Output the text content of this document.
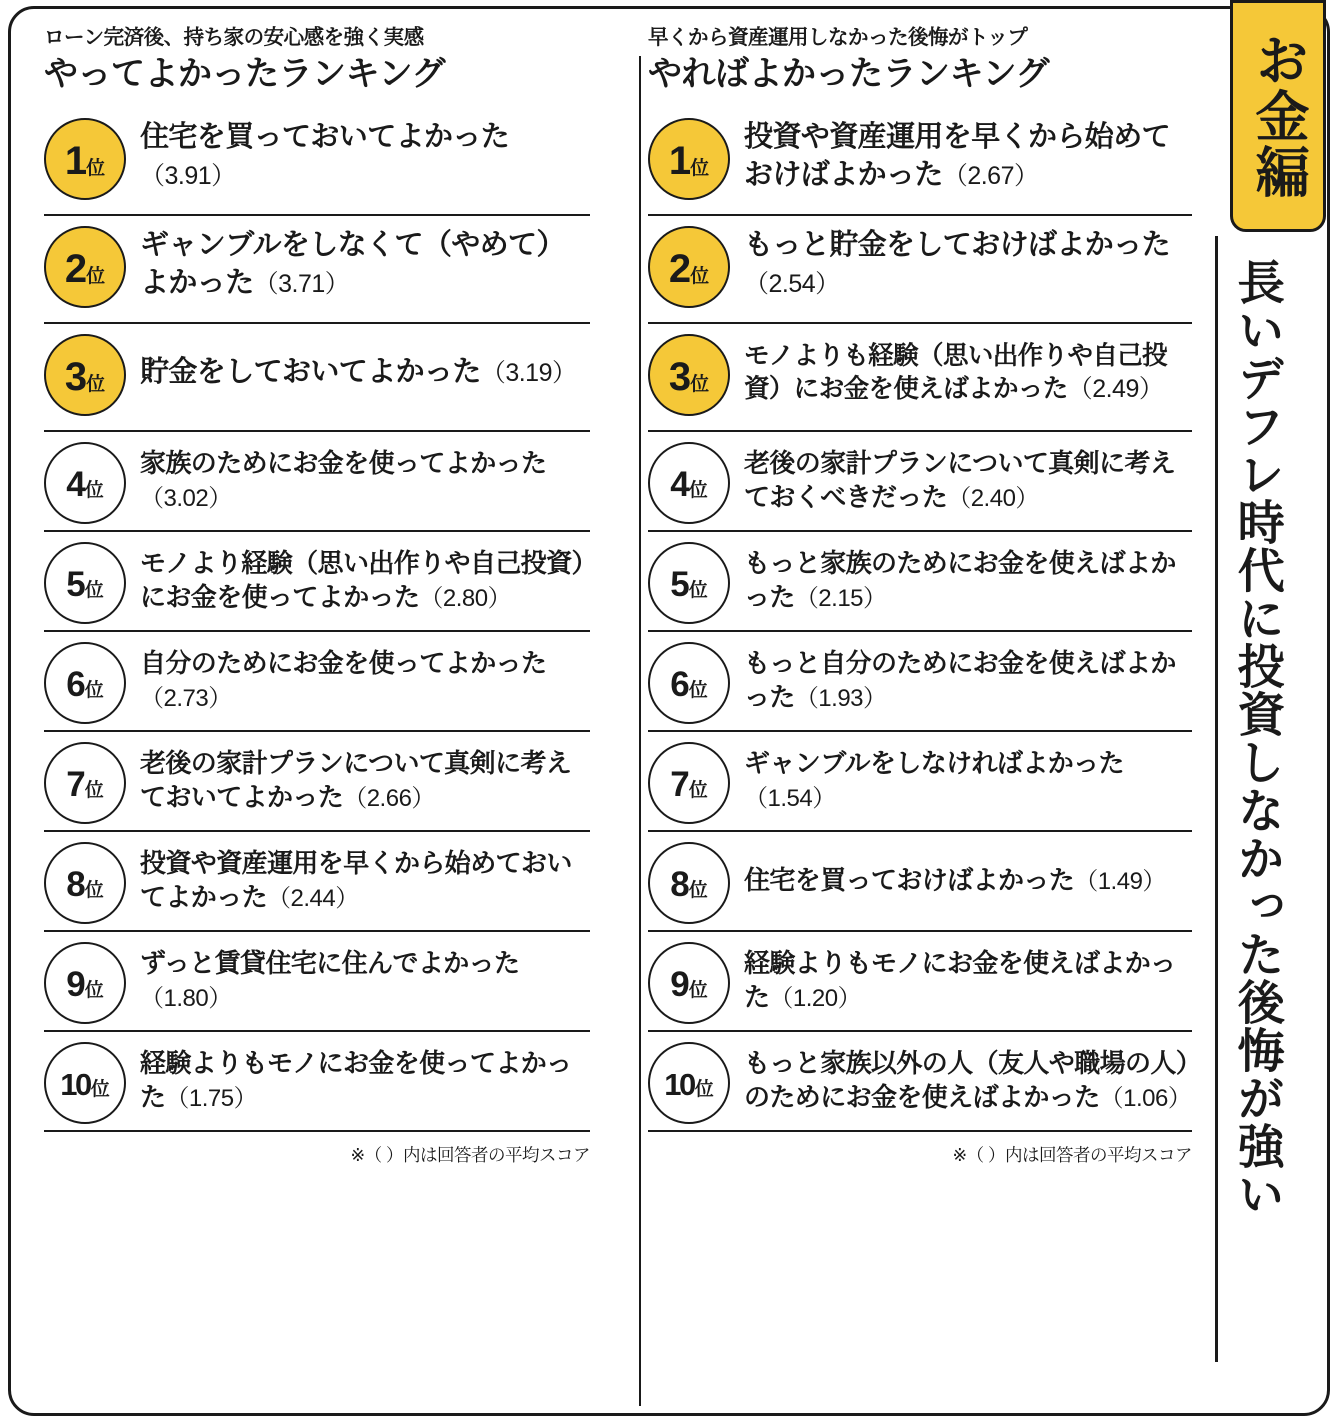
ローン完済後、持ち家の安心感を強く実感

やってよかったランキング
1 位
住宅を買っておいてよかった（3.91）
2 位
ギャンブルをしなくて（やめて）よかった（3.71）
3 位 貯金をしておいてよかった（3.19）
4 位
家族のためにお金を使ってよかった（3.02）
5 位
モノより経験（思い出作りや自己投資）にお金を使ってよかった（2.80）
6 位
自分のためにお金を使ってよかった（2.73）
7 位
老後の家計プランについて真剣に考えておいてよかった（2.66）
8 位
投資や資産運用を早くから始めておいてよかった（2.44）
9 位
ずっと賃貸住宅に住んでよかった（1.80）
10 位
経験よりもモノにお金を使ってよかった（1.75）
※（ ）内は回答者の平均スコア

早くから資産運用しなかった後悔がトップ

やればよかったランキング
1 位
投資や資産運用を早くから始めておけばよかった（2.67）
2 位
もっと貯金をしておけばよかった（2.54）
3 位
モノよりも経験（思い出作りや自己投資）にお金を使えばよかった（2.49）
4 位
老後の家計プランについて真剣に考えておくべきだった（2.40）
5 位
もっと家族のためにお金を使えばよかった（2.15）
6 位
もっと自分のためにお金を使えばよかった（1.93）
7 位
ギャンブルをしなければよかった（1.54）
8 位 住宅を買っておけばよかった（1.49）
9 位
経験よりもモノにお金を使えばよかった（1.20）
10 位
もっと家族以外の人（友人や職場の人）のためにお金を使えばよかった（1.06）
※（ ）内は回答者の平均スコア
お金編
長いデフレ時代に投資しなかった後悔が強い
